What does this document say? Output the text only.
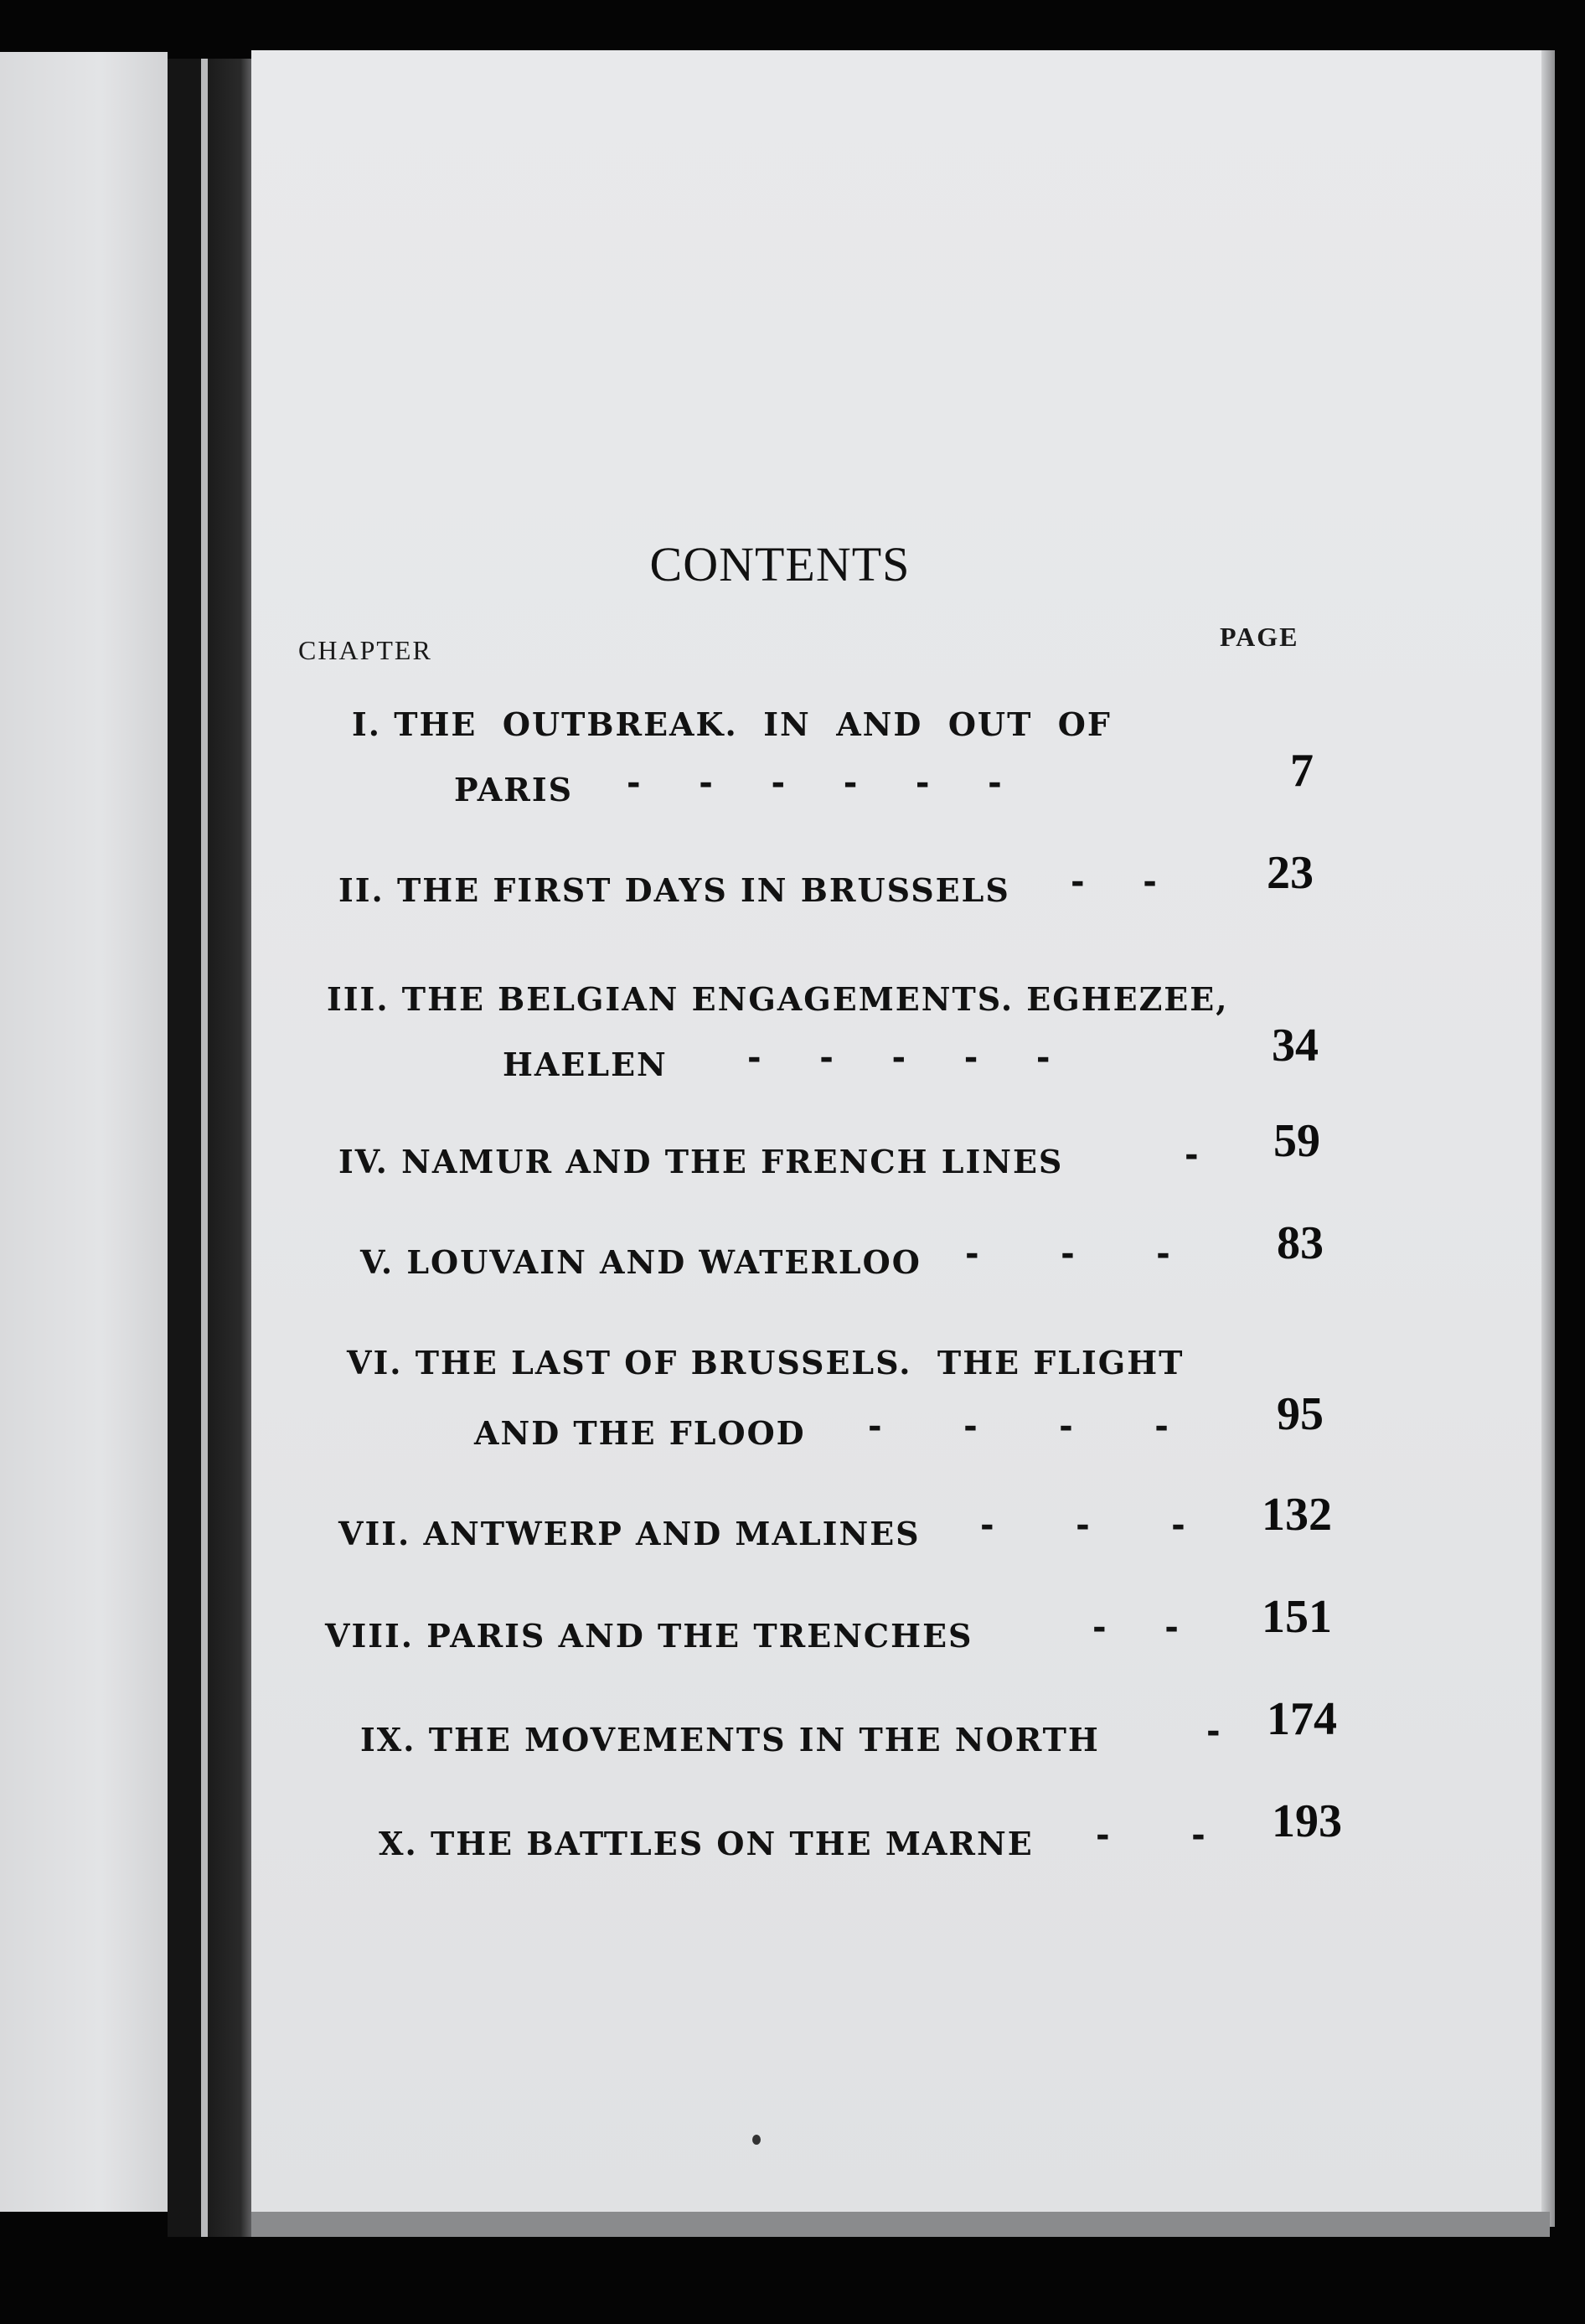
CONTENTS
CHAPTER	PAGE
I. THE  OUTBREAK.  IN  AND  OUT  OF
PARIS -     -     -     -     -     -	7
II. THE FIRST DAYS IN BRUSSELS -     -	23
III. THE BELGIAN ENGAGEMENTS. EGHEZEE,
HAELEN -     -     -     -     -	34
IV. NAMUR AND THE FRENCH LINES	-	59
V. LOUVAIN AND WATERLOO -       -       -	83
VI. THE LAST OF BRUSSELS.  THE FLIGHT
AND THE FLOOD -       -       -       -	95
VII. ANTWERP AND MALINES -       -       -	132
VIII. PARIS AND THE TRENCHES	-     -	151
IX. THE MOVEMENTS IN THE NORTH	- 174
X. THE BATTLES ON THE MARNE -       -	193
